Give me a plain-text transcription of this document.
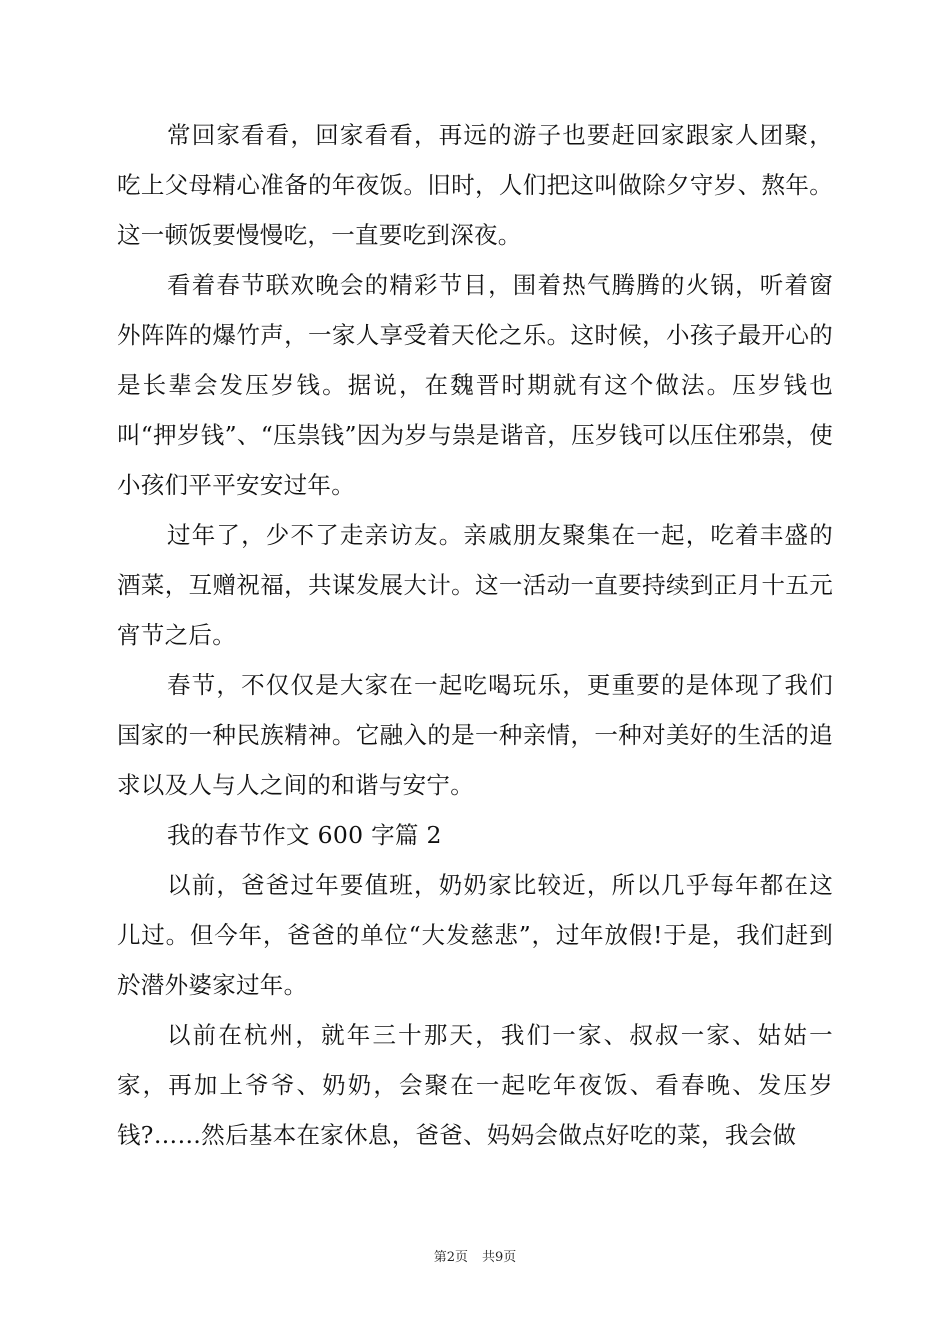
常回家看看，回家看看，再远的游子也要赶回家跟家人团聚，吃上父母精心准备的年夜饭。旧时，人们把这叫做除夕守岁、熬年。这一顿饭要慢慢吃，一直要吃到深夜。

看着春节联欢晚会的精彩节目，围着热气腾腾的火锅，听着窗外阵阵的爆竹声，一家人享受着天伦之乐。这时候，小孩子最开心的是长辈会发压岁钱。据说，在魏晋时期就有这个做法。压岁钱也叫“押岁钱”、“压祟钱”因为岁与祟是谐音，压岁钱可以压住邪祟，使小孩们平平安安过年。

过年了，少不了走亲访友。亲戚朋友聚集在一起，吃着丰盛的酒菜，互赠祝福，共谋发展大计。这一活动一直要持续到正月十五元宵节之后。

春节，不仅仅是大家在一起吃喝玩乐，更重要的是体现了我们国家的一种民族精神。它融入的是一种亲情，一种对美好的生活的追求以及人与人之间的和谐与安宁。

我的春节作文 600 字篇 2

以前，爸爸过年要值班，奶奶家比较近，所以几乎每年都在这儿过。但今年，爸爸的单位“大发慈悲”，过年放假!于是，我们赶到於潜外婆家过年。

以前在杭州，就年三十那天，我们一家、叔叔一家、姑姑一家，再加上爷爷、奶奶，会聚在一起吃年夜饭、看春晚、发压岁钱?……然后基本在家休息，爸爸、妈妈会做点好吃的菜，我会做

第2页 共9页
